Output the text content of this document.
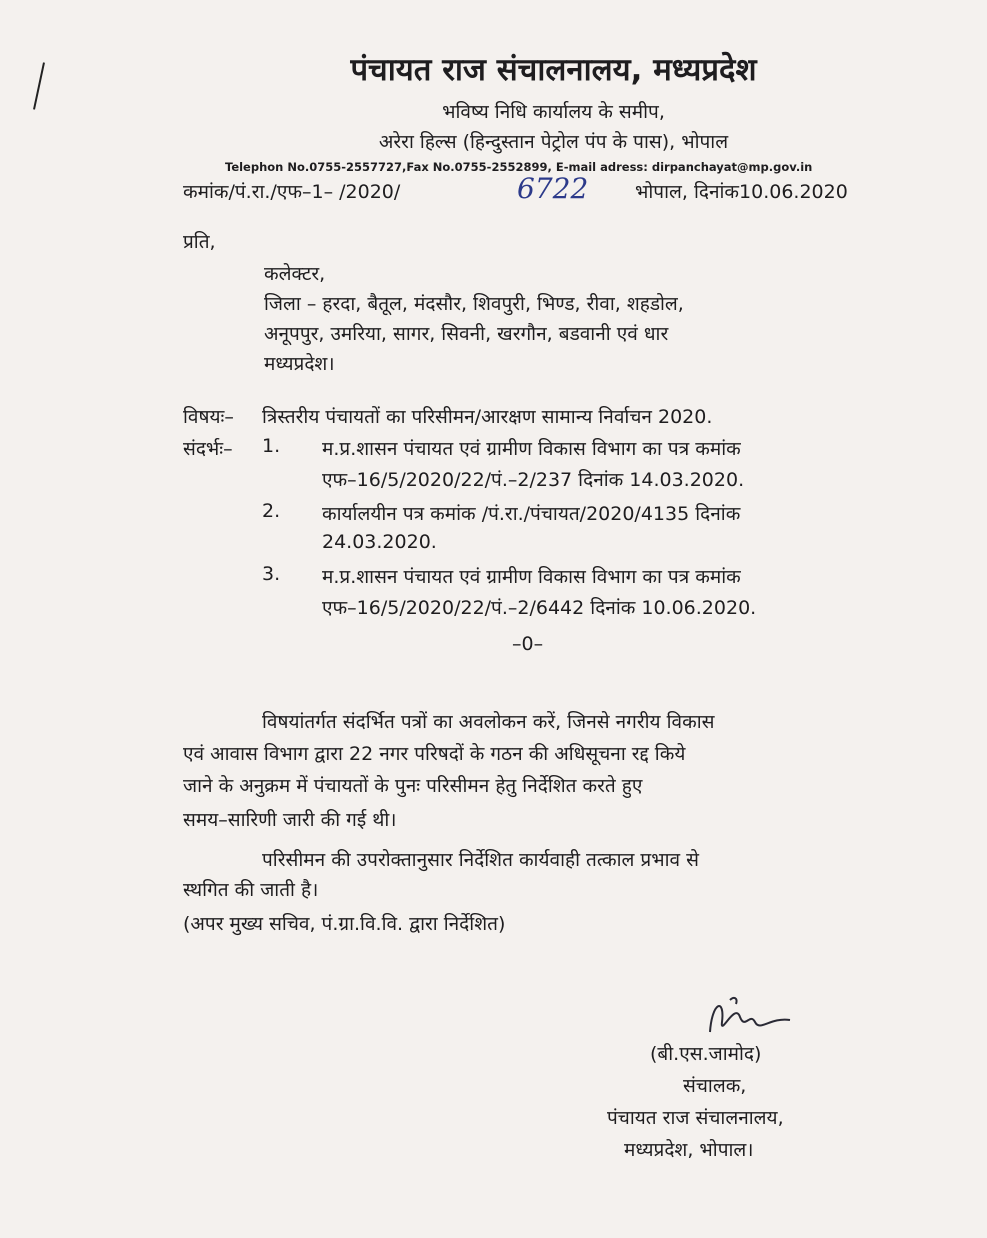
पंचायत राज संचालनालय, मध्यप्रदेश
भविष्य निधि कार्यालय के समीप,
अरेरा हिल्स (हिन्दुस्तान पेट्रोल पंप के पास), भोपाल
Telephon No.0755-2557727,Fax No.0755-2552899, E-mail adress: dirpanchayat@mp.gov.in
कमांक/पं.रा./एफ–1– /2020/	6722 भोपाल, दिनांक10.06.2020
प्रति,
कलेक्टर,
जिला – हरदा, बैतूल, मंदसौर, शिवपुरी, भिण्ड, रीवा, शहडोल,
अनूपपुर, उमरिया, सागर, सिवनी, खरगौन, बडवानी एवं धार
मध्यप्रदेश।
विषयः– त्रिस्तरीय पंचायतों का परिसीमन/आरक्षण सामान्य निर्वाचन 2020.
संदर्भः– 1. म.प्र.शासन पंचायत एवं ग्रामीण विकास विभाग का पत्र कमांक
एफ–16/5/2020/22/पं.–2/237 दिनांक 14.03.2020.
2. कार्यालयीन पत्र कमांक /पं.रा./पंचायत/2020/4135 दिनांक
24.03.2020.
3. म.प्र.शासन पंचायत एवं ग्रामीण विकास विभाग का पत्र कमांक
एफ–16/5/2020/22/पं.–2/6442 दिनांक 10.06.2020.
–0–
विषयांतर्गत संदर्भित पत्रों का अवलोकन करें, जिनसे नगरीय विकास
एवं आवास विभाग द्वारा 22 नगर परिषदों के गठन की अधिसूचना रद्द किये
जाने के अनुक्रम में पंचायतों के पुनः परिसीमन हेतु निर्देशित करते हुए
समय–सारिणी जारी की गई थी।
परिसीमन की उपरोक्तानुसार निर्देशित कार्यवाही तत्काल प्रभाव से
स्थगित की जाती है।
(अपर मुख्य सचिव, पं.ग्रा.वि.वि. द्वारा निर्देशित)
(बी.एस.जामोद)
संचालक,
पंचायत राज संचालनालय,
मध्यप्रदेश, भोपाल।
